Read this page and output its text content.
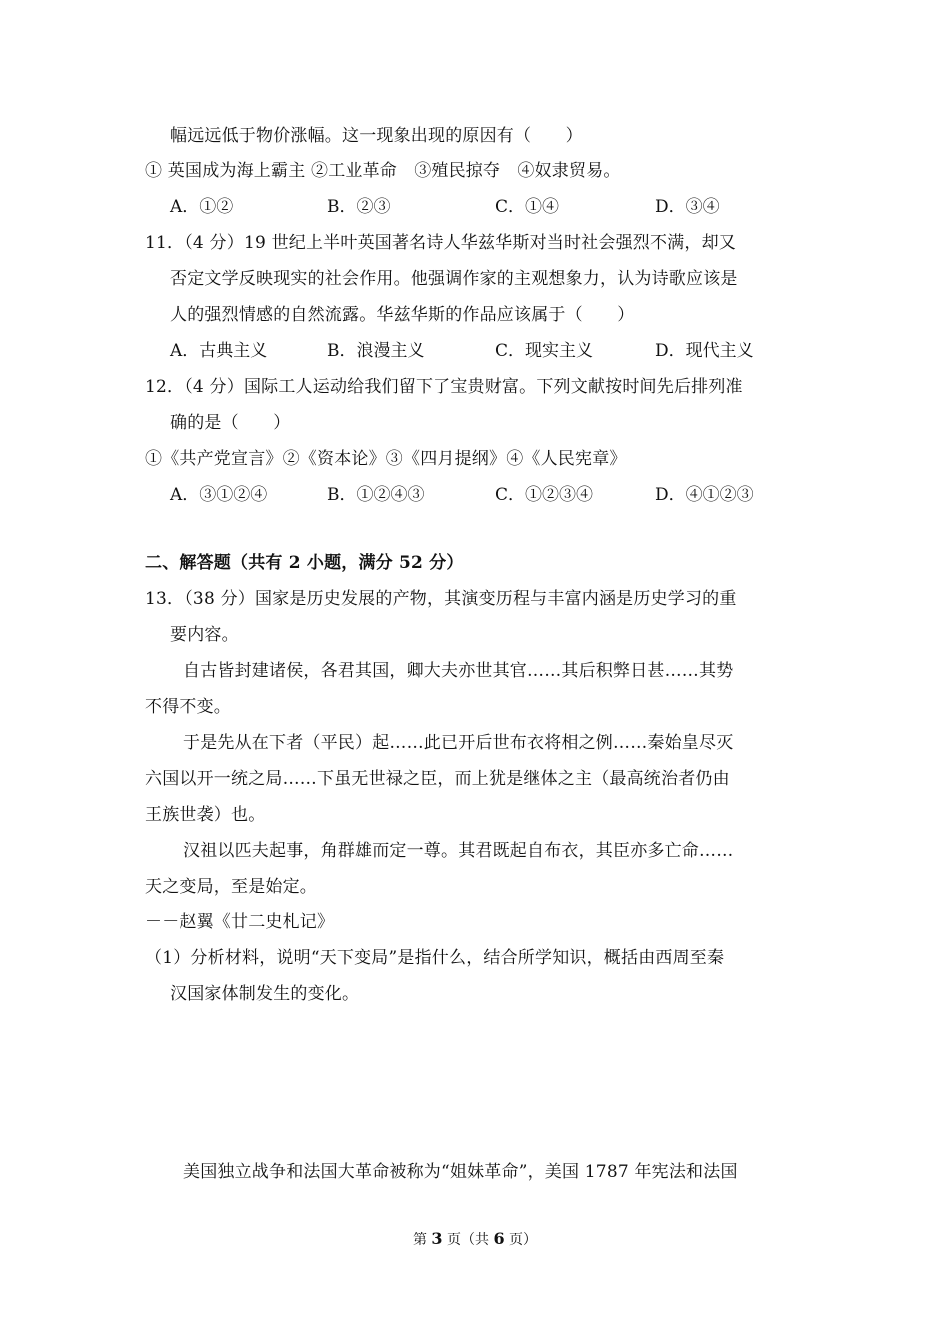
幅远远低于物价涨幅。这一现象出现的原因有（　　）
① 英国成为海上霸主 ②工业革命　③殖民掠夺　④奴隶贸易。
A．①②	B．②③	C．①④	D．③④
11．（4 分）19 世纪上半叶英国著名诗人华兹华斯对当时社会强烈不满，却又
否定文学反映现实的社会作用。他强调作家的主观想象力，认为诗歌应该是
人的强烈情感的自然流露。华兹华斯的作品应该属于（　　）
A．古典主义	B．浪漫主义	C．现实主义	D．现代主义
12．（4 分）国际工人运动给我们留下了宝贵财富。下列文献按时间先后排列准
确的是（　　）
①《共产党宣言》②《资本论》③《四月提纲》④《人民宪章》
A．③①②④	B．①②④③	C．①②③④	D．④①②③
二、解答题（共有 2 小题，满分 52 分）
13．（38 分）国家是历史发展的产物，其演变历程与丰富内涵是历史学习的重
要内容。
自古皆封建诸侯，各君其国，卿大夫亦世其官……其后积弊日甚……其势
不得不变。
于是先从在下者（平民）起……此已开后世布衣将相之例……秦始皇尽灭
六国以开一统之局……下虽无世禄之臣，而上犹是继体之主（最高统治者仍由
王族世袭）也。
汉祖以匹夫起事，角群雄而定一尊。其君既起自布衣，其臣亦多亡命……
天之变局，至是始定。
－－赵翼《廿二史札记》
（1）分析材料，说明“天下变局”是指什么，结合所学知识，概括由西周至秦
汉国家体制发生的变化。
美国独立战争和法国大革命被称为“姐妹革命”，美国 1787 年宪法和法国
第 3 页（共 6 页）
